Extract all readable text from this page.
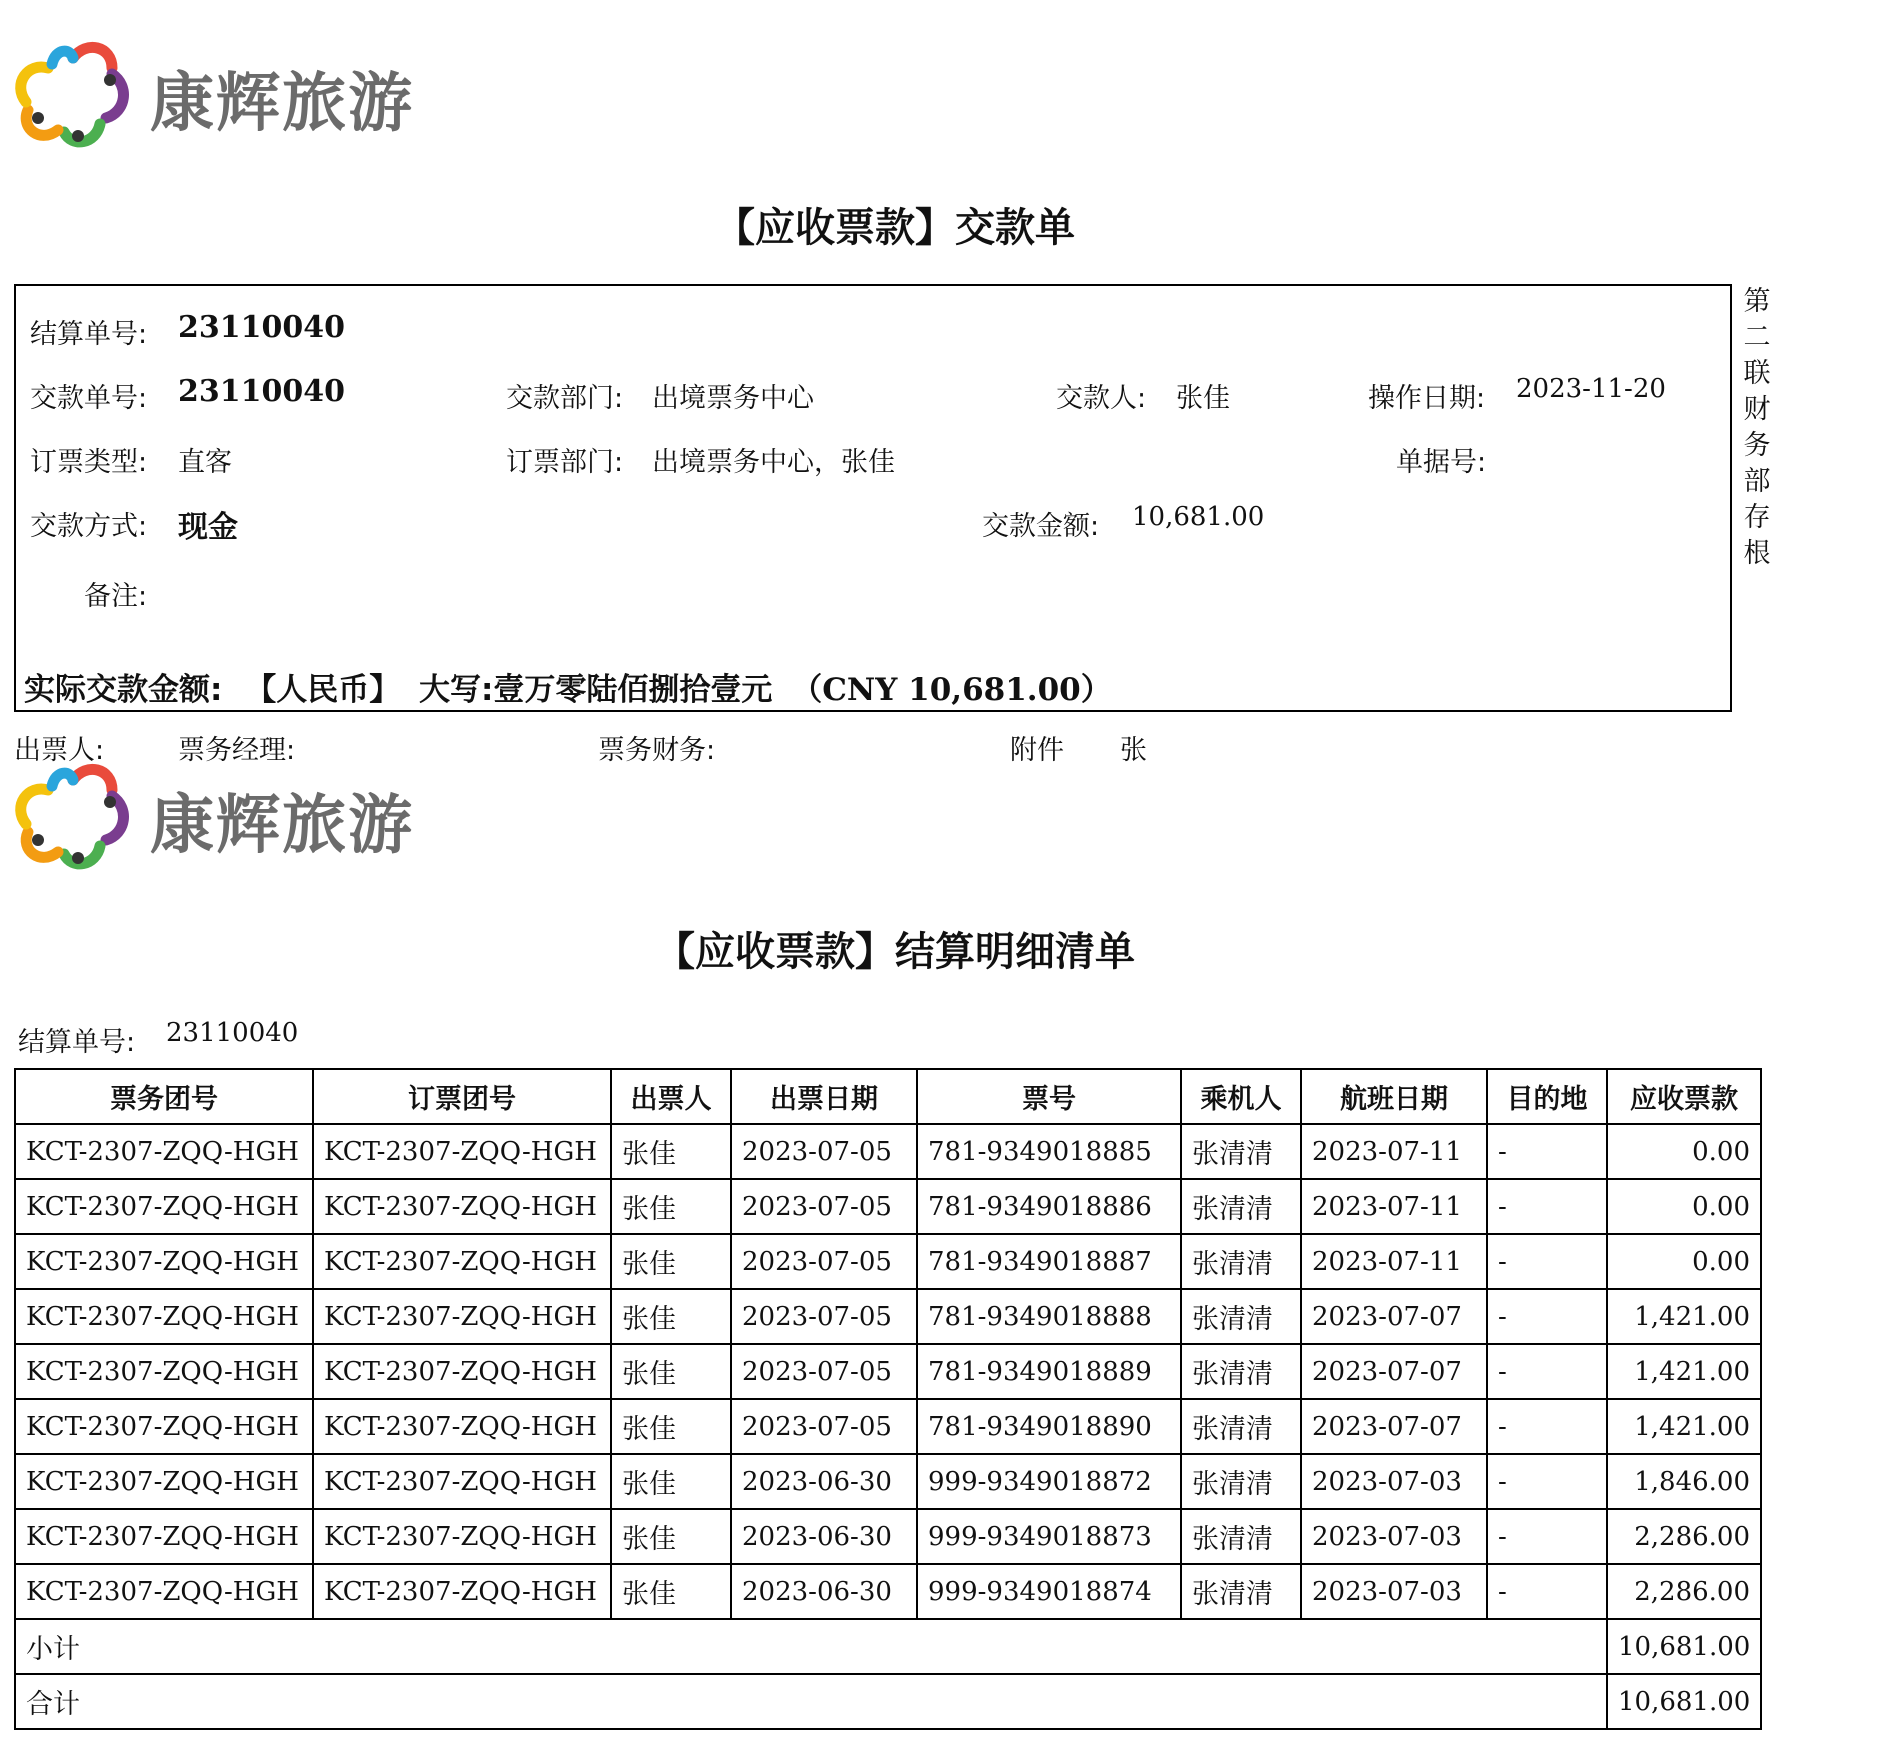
康辉旅游
【应收票款】交款单
结算单号: 23110040
交款单号: 23110040	交款部门: 出境票务中心	交款人: 张佳	操作日期: 2023-11-20
订票类型: 直客	订票部门: 出境票务中心，张佳	单据号:
交款方式: 现金	交款金额: 10,681.00
备注:
实际交款金额: 【人民币】 大写:壹万零陆佰捌拾壹元 （CNY 10,681.00）
第
二
联
财
务
部
存
根
出票人:	票务经理:	票务财务:	附件 张
康辉旅游
【应收票款】结算明细清单
结算单号: 23110040
票务团号	订票团号	出票人	出票日期	票号	乘机人	航班日期	目的地	应收票款
KCT-2307-ZQQ-HGH	KCT-2307-ZQQ-HGH	张佳	2023-07-05	781-9349018885	张清清	2023-07-11	-	0.00
KCT-2307-ZQQ-HGH	KCT-2307-ZQQ-HGH	张佳	2023-07-05	781-9349018886	张清清	2023-07-11	-	0.00
KCT-2307-ZQQ-HGH	KCT-2307-ZQQ-HGH	张佳	2023-07-05	781-9349018887	张清清	2023-07-11	-	0.00
KCT-2307-ZQQ-HGH	KCT-2307-ZQQ-HGH	张佳	2023-07-05	781-9349018888	张清清	2023-07-07	-	1,421.00
KCT-2307-ZQQ-HGH	KCT-2307-ZQQ-HGH	张佳	2023-07-05	781-9349018889	张清清	2023-07-07	-	1,421.00
KCT-2307-ZQQ-HGH	KCT-2307-ZQQ-HGH	张佳	2023-07-05	781-9349018890	张清清	2023-07-07	-	1,421.00
KCT-2307-ZQQ-HGH	KCT-2307-ZQQ-HGH	张佳	2023-06-30	999-9349018872	张清清	2023-07-03	-	1,846.00
KCT-2307-ZQQ-HGH	KCT-2307-ZQQ-HGH	张佳	2023-06-30	999-9349018873	张清清	2023-07-03	-	2,286.00
KCT-2307-ZQQ-HGH	KCT-2307-ZQQ-HGH	张佳	2023-06-30	999-9349018874	张清清	2023-07-03	-	2,286.00
小计								10,681.00
合计								10,681.00
